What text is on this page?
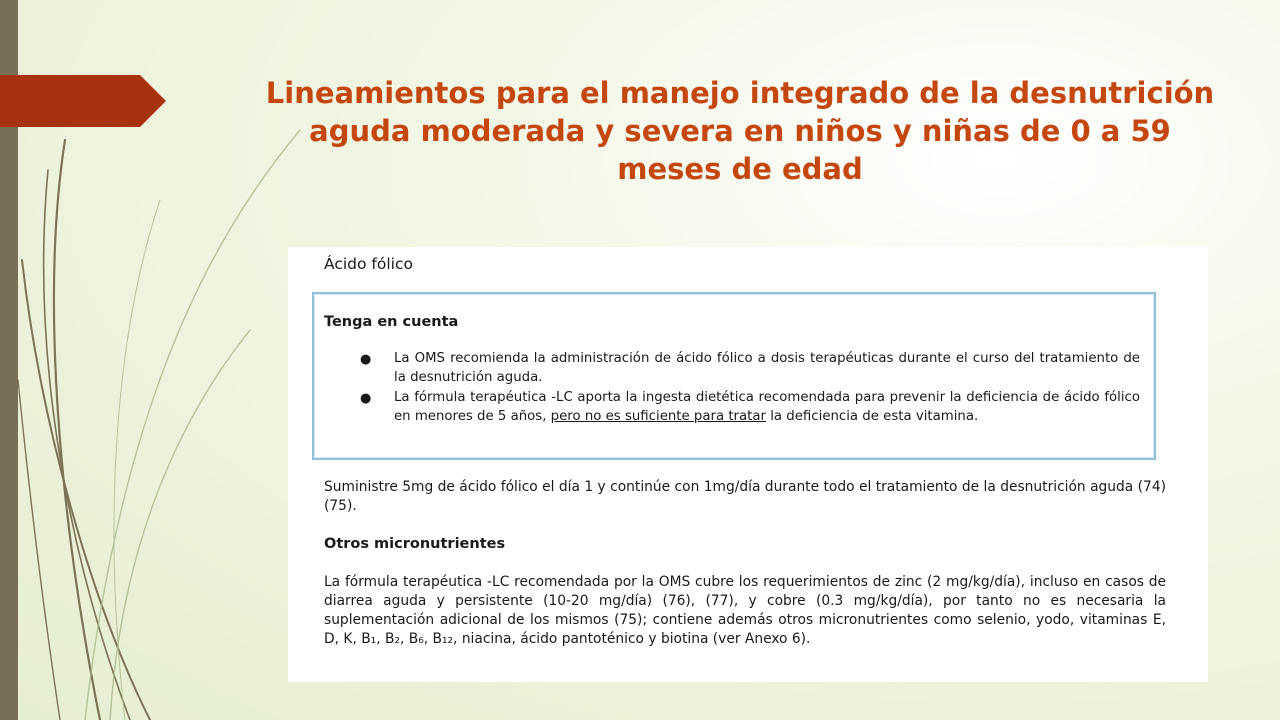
Lineamientos para el manejo integrado de la desnutrición aguda moderada y severa en niños y niñas de 0 a 59 meses de edad
Ácido fólico
Tenga en cuenta
● La OMS recomienda la administración de ácido fólico a dosis terapéuticas durante el curso del tratamiento de la desnutrición aguda.
● La fórmula terapéutica -LC aporta la ingesta dietética recomendada para prevenir la deficiencia de ácido fólico en menores de 5 años, pero no es suficiente para tratar la deficiencia de esta vitamina.

Suministre 5mg de ácido fólico el día 1 y continúe con 1mg/día durante todo el tratamiento de la desnutrición aguda (74) (75).

Otros micronutrientes

La fórmula terapéutica -LC recomendada por la OMS cubre los requerimientos de zinc (2 mg/kg/día), incluso en casos de diarrea aguda y persistente (10-20 mg/día) (76), (77), y cobre (0.3 mg/kg/día), por tanto no es necesaria la suplementación adicional de los mismos (75); contiene además otros micronutrientes como selenio, yodo, vitaminas E, D, K, B₁, B₂, B₆, B₁₂, niacina, ácido pantoténico y biotina (ver Anexo 6).
